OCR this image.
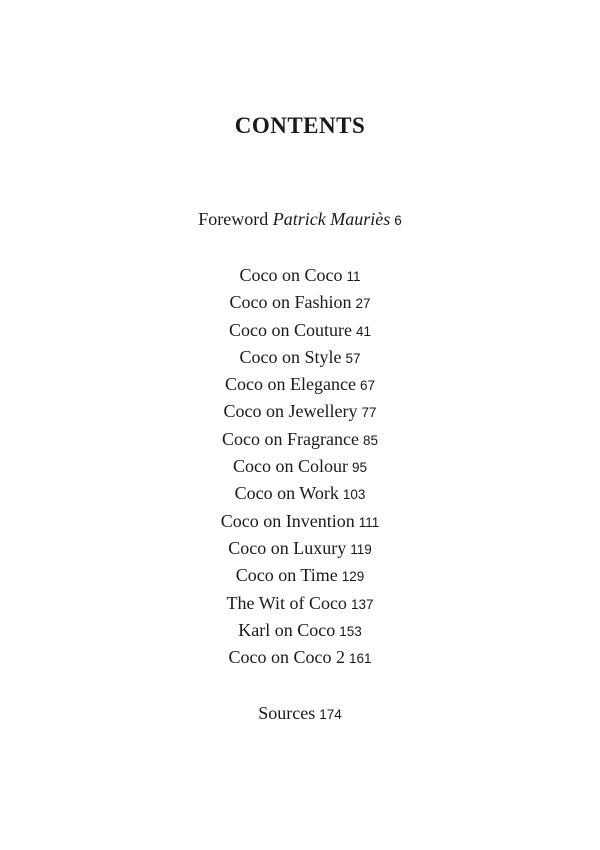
CONTENTS
Foreword Patrick Mauriès 6
Coco on Coco 11
Coco on Fashion 27
Coco on Couture 41
Coco on Style 57
Coco on Elegance 67
Coco on Jewellery 77
Coco on Fragrance 85
Coco on Colour 95
Coco on Work 103
Coco on Invention 111
Coco on Luxury 119
Coco on Time 129
The Wit of Coco 137
Karl on Coco 153
Coco on Coco 2 161
Sources 174
